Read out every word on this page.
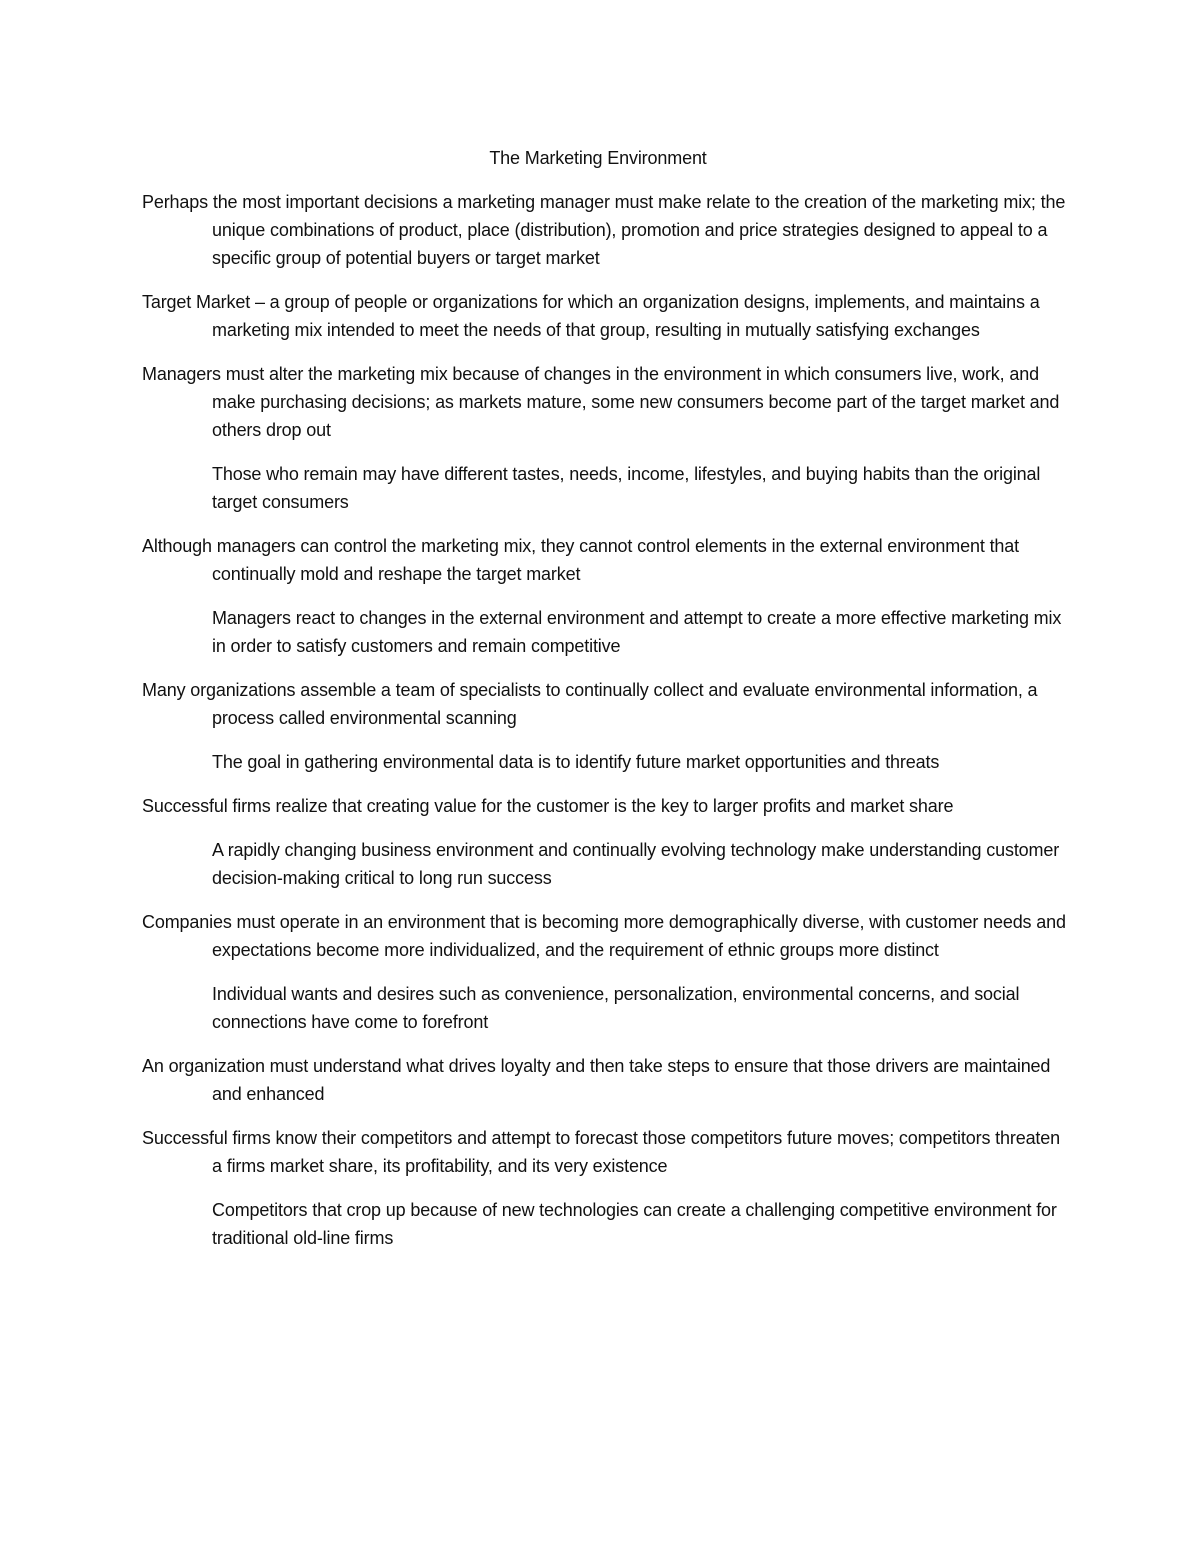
The Marketing Environment

Perhaps the most important decisions a marketing manager must make relate to the creation of the marketing mix; the unique combinations of product, place (distribution), promotion and price strategies designed to appeal to a specific group of potential buyers or target market

Target Market – a group of people or organizations for which an organization designs, implements, and maintains a marketing mix intended to meet the needs of that group, resulting in mutually satisfying exchanges

Managers must alter the marketing mix because of changes in the environment in which consumers live, work, and make purchasing decisions; as markets mature, some new consumers become part of the target market and others drop out

Those who remain may have different tastes, needs, income, lifestyles, and buying habits than the original target consumers

Although managers can control the marketing mix, they cannot control elements in the external environment that continually mold and reshape the target market

Managers react to changes in the external environment and attempt to create a more effective marketing mix in order to satisfy customers and remain competitive

Many organizations assemble a team of specialists to continually collect and evaluate environmental information, a process called environmental scanning

The goal in gathering environmental data is to identify future market opportunities and threats

Successful firms realize that creating value for the customer is the key to larger profits and market share

A rapidly changing business environment and continually evolving technology make understanding customer decision-making critical to long run success

Companies must operate in an environment that is becoming more demographically diverse, with customer needs and expectations become more individualized, and the requirement of ethnic groups more distinct

Individual wants and desires such as convenience, personalization, environmental concerns, and social connections have come to forefront

An organization must understand what drives loyalty and then take steps to ensure that those drivers are maintained and enhanced

Successful firms know their competitors and attempt to forecast those competitors future moves; competitors threaten a firms market share, its profitability, and its very existence

Competitors that crop up because of new technologies can create a challenging competitive environment for traditional old-line firms
